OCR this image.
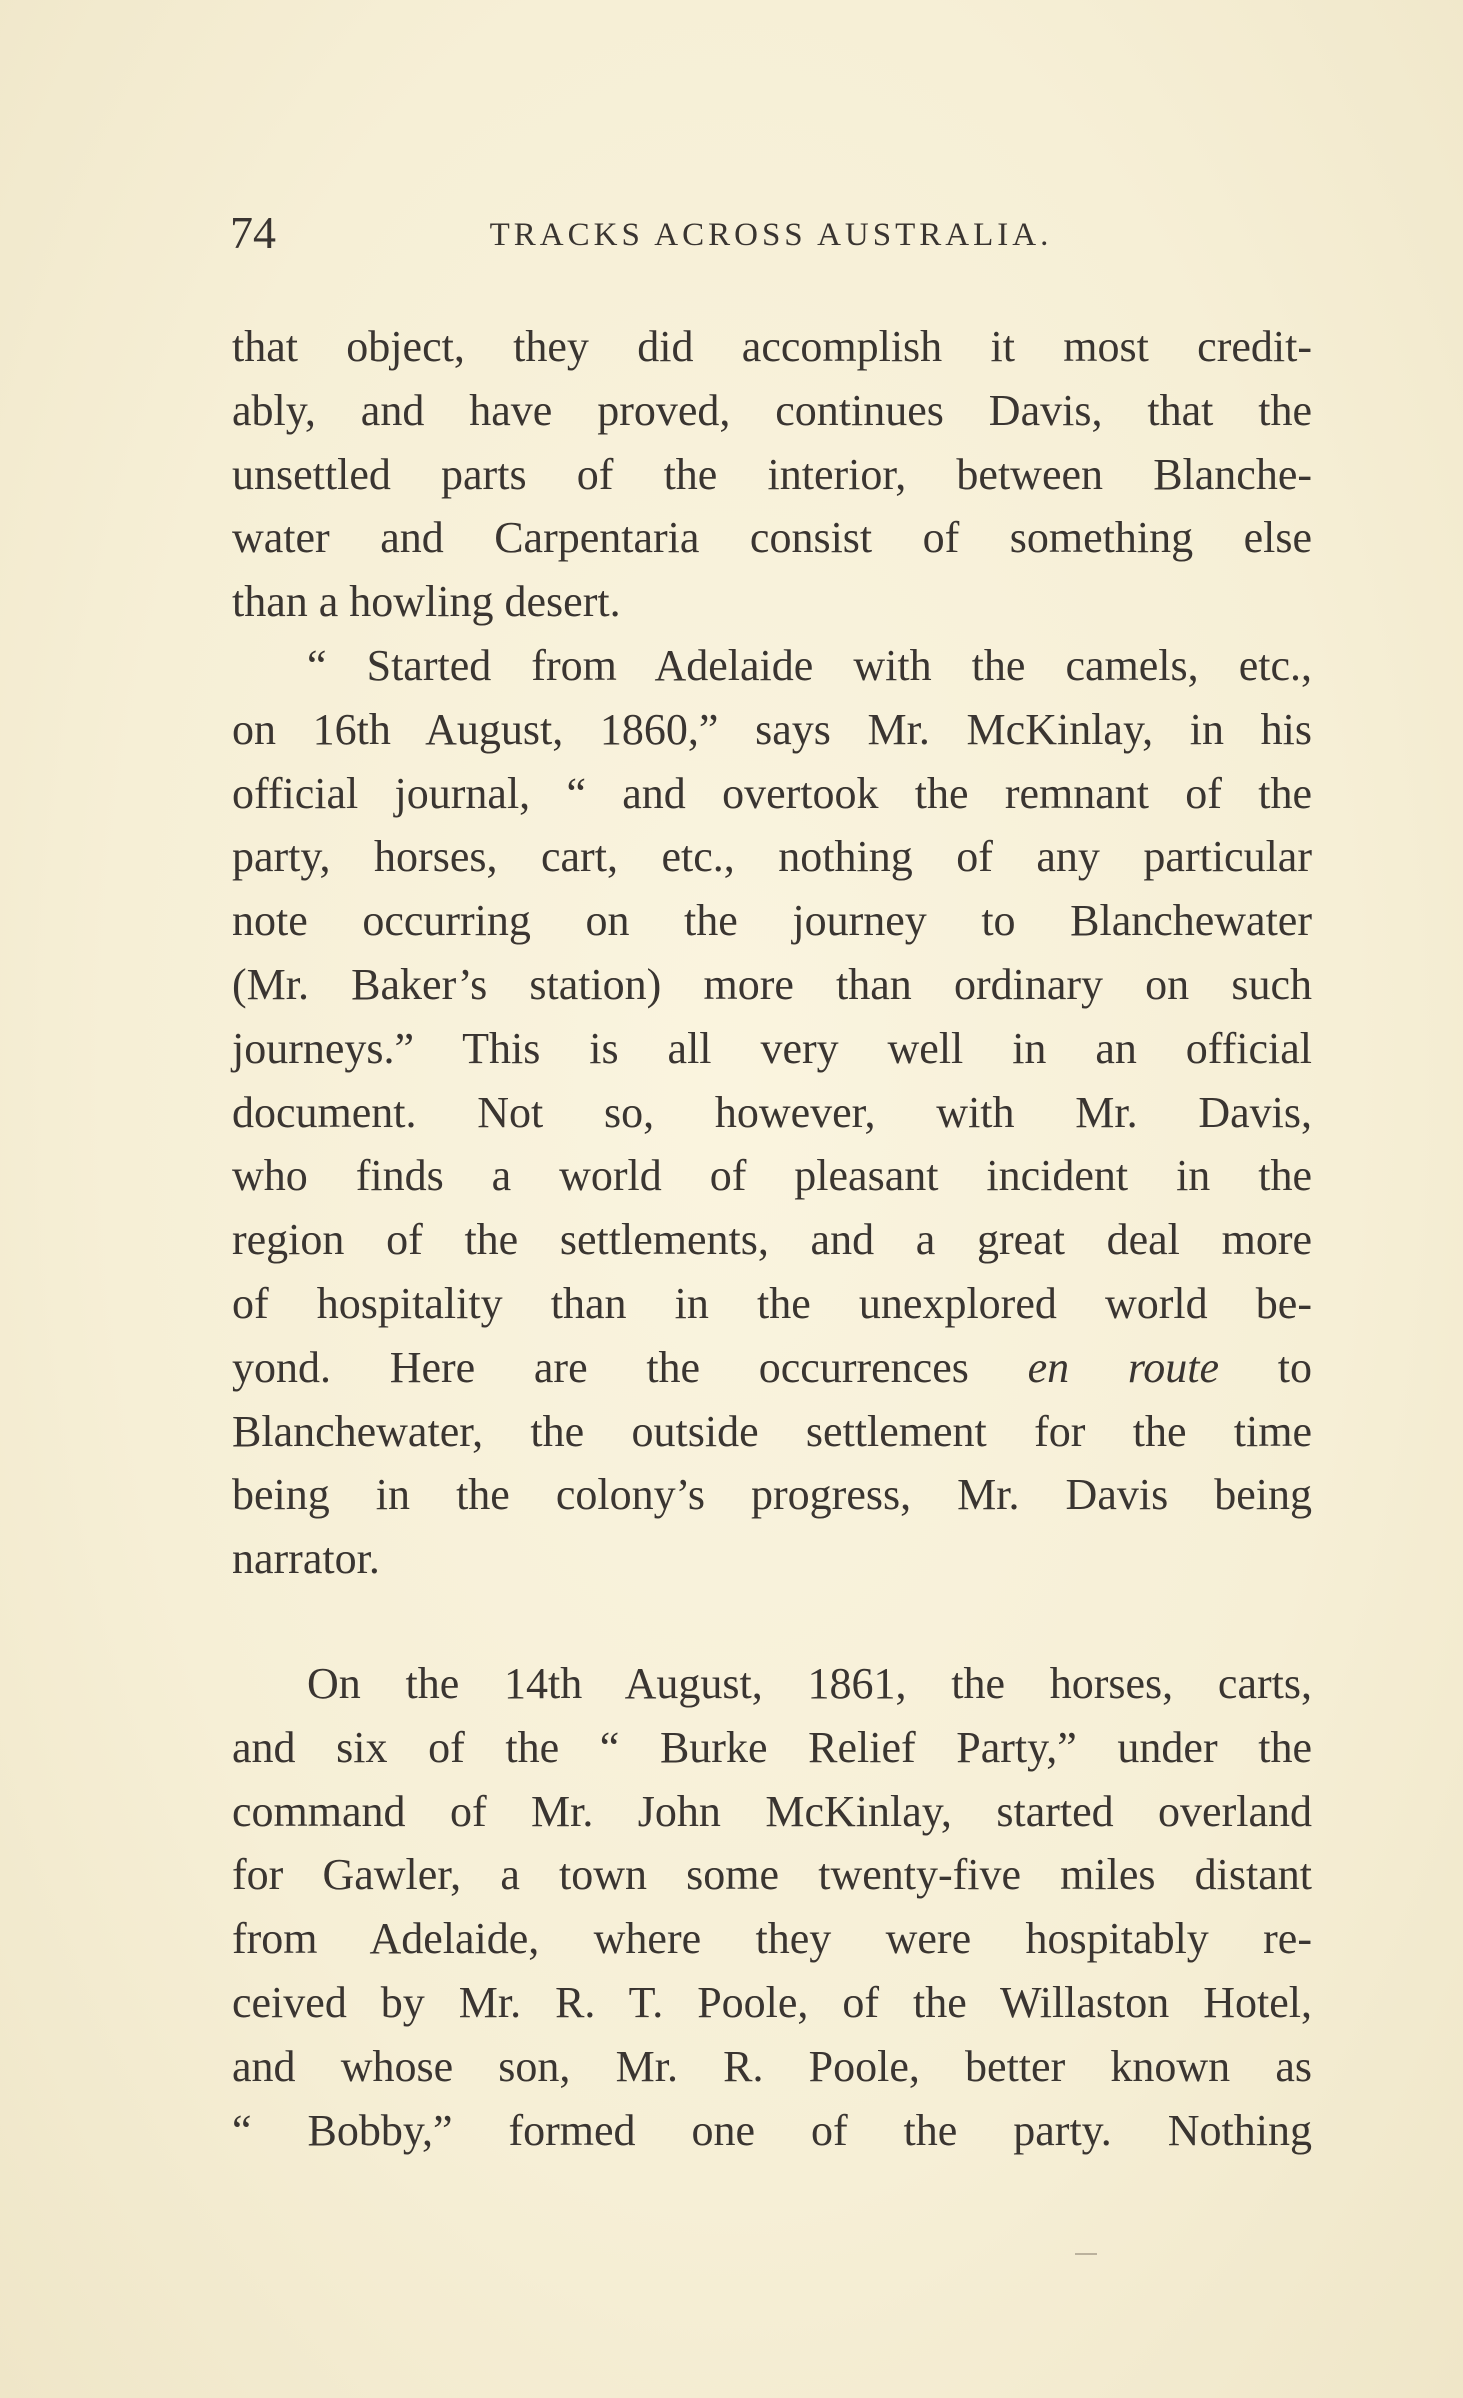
74	TRACKS ACROSS AUSTRALIA.

that object, they did accomplish it most credit-
ably, and have proved, continues Davis, that the
unsettled parts of the interior, between Blanche-
water and Carpentaria consist of something else
than a howling desert.

“ Started from Adelaide with the camels, etc.,
on 16th August, 1860,” says Mr. McKinlay, in his
official journal, “ and overtook the remnant of the
party, horses, cart, etc., nothing of any particular
note occurring on the journey to Blanchewater
(Mr. Baker’s station) more than ordinary on such
journeys.” This is all very well in an official
document. Not so, however, with Mr. Davis,
who finds a world of pleasant incident in the
region of the settlements, and a great deal more
of hospitality than in the unexplored world be-
yond. Here are the occurrences en route to
Blanchewater, the outside settlement for the time
being in the colony’s progress, Mr. Davis being
narrator.

On the 14th August, 1861, the horses, carts,
and six of the “ Burke Relief Party,” under the
command of Mr. John McKinlay, started overland
for Gawler, a town some twenty-five miles distant
from Adelaide, where they were hospitably re-
ceived by Mr. R. T. Poole, of the Willaston Hotel,
and whose son, Mr. R. Poole, better known as
“ Bobby,” formed one of the party. Nothing
